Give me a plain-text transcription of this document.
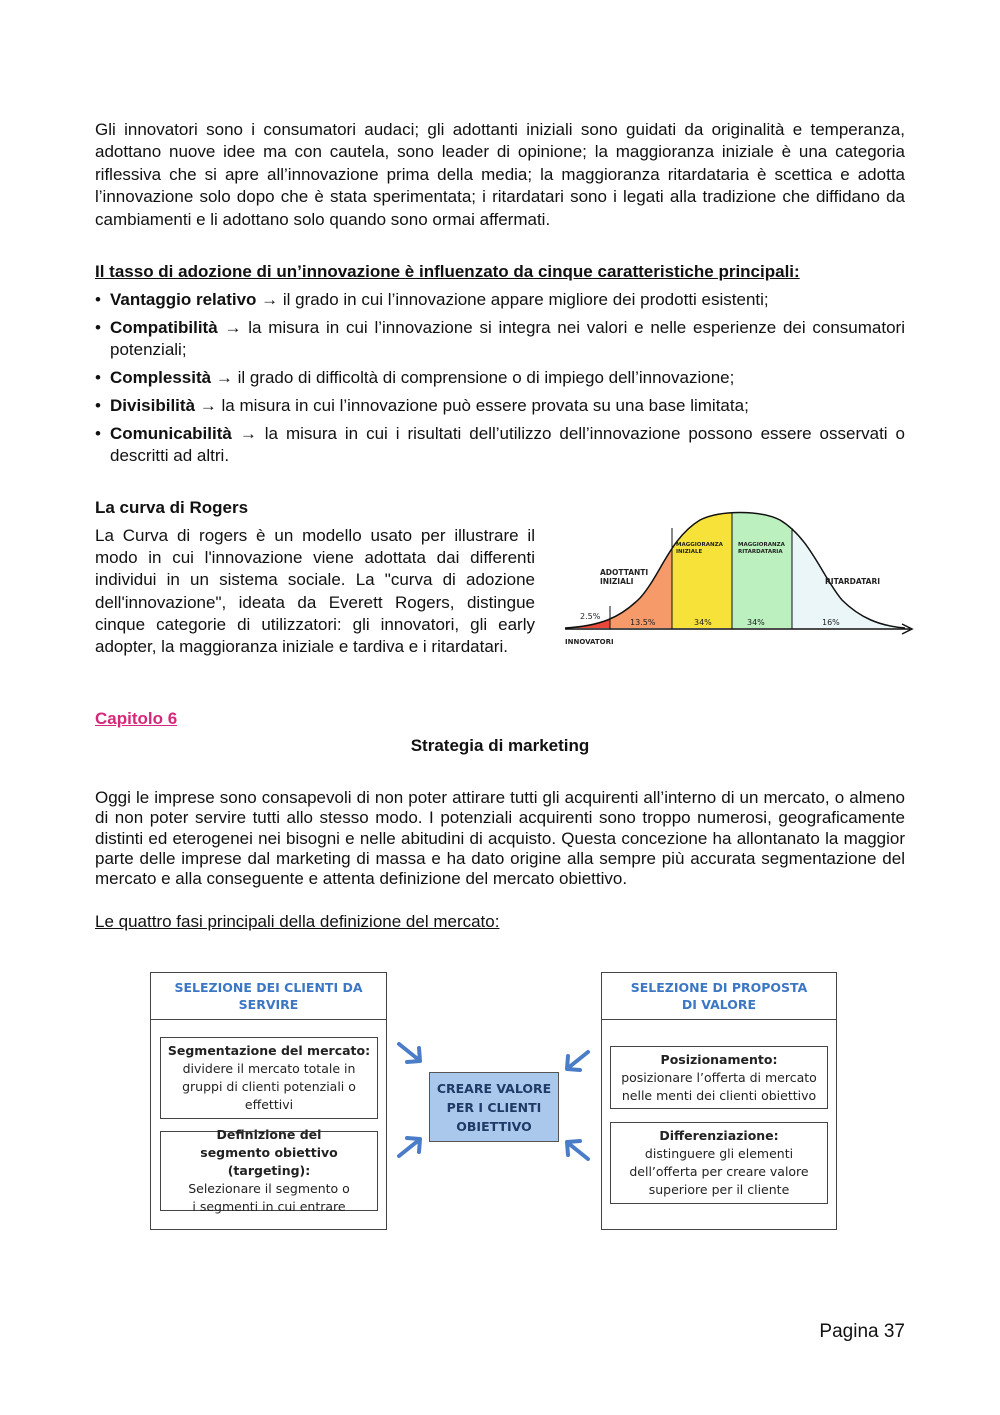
Gli innovatori sono i consumatori audaci; gli adottanti iniziali sono guidati da originalità e temperanza, adottano nuove idee ma con cautela, sono leader di opinione; la maggioranza iniziale è una categoria riflessiva che si apre all’innovazione prima della media; la maggioranza ritardataria è scettica e adotta l’innovazione solo dopo che è stata sperimentata; i ritardatari sono i legati alla tradizione che diffidano da cambiamenti e li adottano solo quando sono ormai affermati.

Il tasso di adozione di un’innovazione è influenzato da cinque caratteristiche principali:

• Vantaggio relativo → il grado in cui l’innovazione appare migliore dei prodotti esistenti;
• Compatibilità → la misura in cui l’innovazione si integra nei valori e nelle esperienze dei consumatori potenziali;
• Complessità → il grado di difficoltà di comprensione o di impiego dell’innovazione;
• Divisibilità → la misura in cui l’innovazione può essere provata su una base limitata;
• Comunicabilità → la misura in cui i risultati dell’utilizzo dell’innovazione possono essere osservati o descritti ad altri.

La curva di Rogers

La Curva di rogers è un modello usato per illustrare il modo in cui l'innovazione viene adottata dai differenti individui in un sistema sociale. La "curva di adozione dell'innovazione", ideata da Everett Rogers, distingue cinque categorie di utilizzatori: gli innovatori, gli early adopter, la maggioranza iniziale e tardiva e i ritardatari.

ADOTTANTI
INIZIALI
MAGGIORANZA
INIZIALE
MAGGIORANZA
RITARDATARIA
RITARDATARI
INNOVATORI
2.5%
13.5%	34%	34%	16%

Capitolo 6

Strategia di marketing

Oggi le imprese sono consapevoli di non poter attirare tutti gli acquirenti all’interno di un mercato, o almeno di non poter servire tutti allo stesso modo. I potenziali acquirenti sono troppo numerosi, geograficamente distinti ed eterogenei nei bisogni e nelle abitudini di acquisto. Questa concezione ha allontanato la maggior parte delle imprese dal marketing di massa e ha dato origine alla sempre più accurata segmentazione del mercato e alla conseguente e attenta definizione del mercato obiettivo.

Le quattro fasi principali della definizione del mercato:

SELEZIONE DEI CLIENTI DA SERVIRE
Segmentazione del mercato:
dividere il mercato totale in gruppi di clienti potenziali o effettivi
Definizione del segmento obiettivo (targeting):
Selezionare il segmento o i segmenti in cui entrare
CREARE VALORE PER I CLIENTI OBIETTIVO
SELEZIONE DI PROPOSTA DI VALORE
Posizionamento:
posizionare l’offerta di mercato nelle menti dei clienti obiettivo
Differenziazione:
distinguere gli elementi dell’offerta per creare valore superiore per il cliente

Pagina 37
